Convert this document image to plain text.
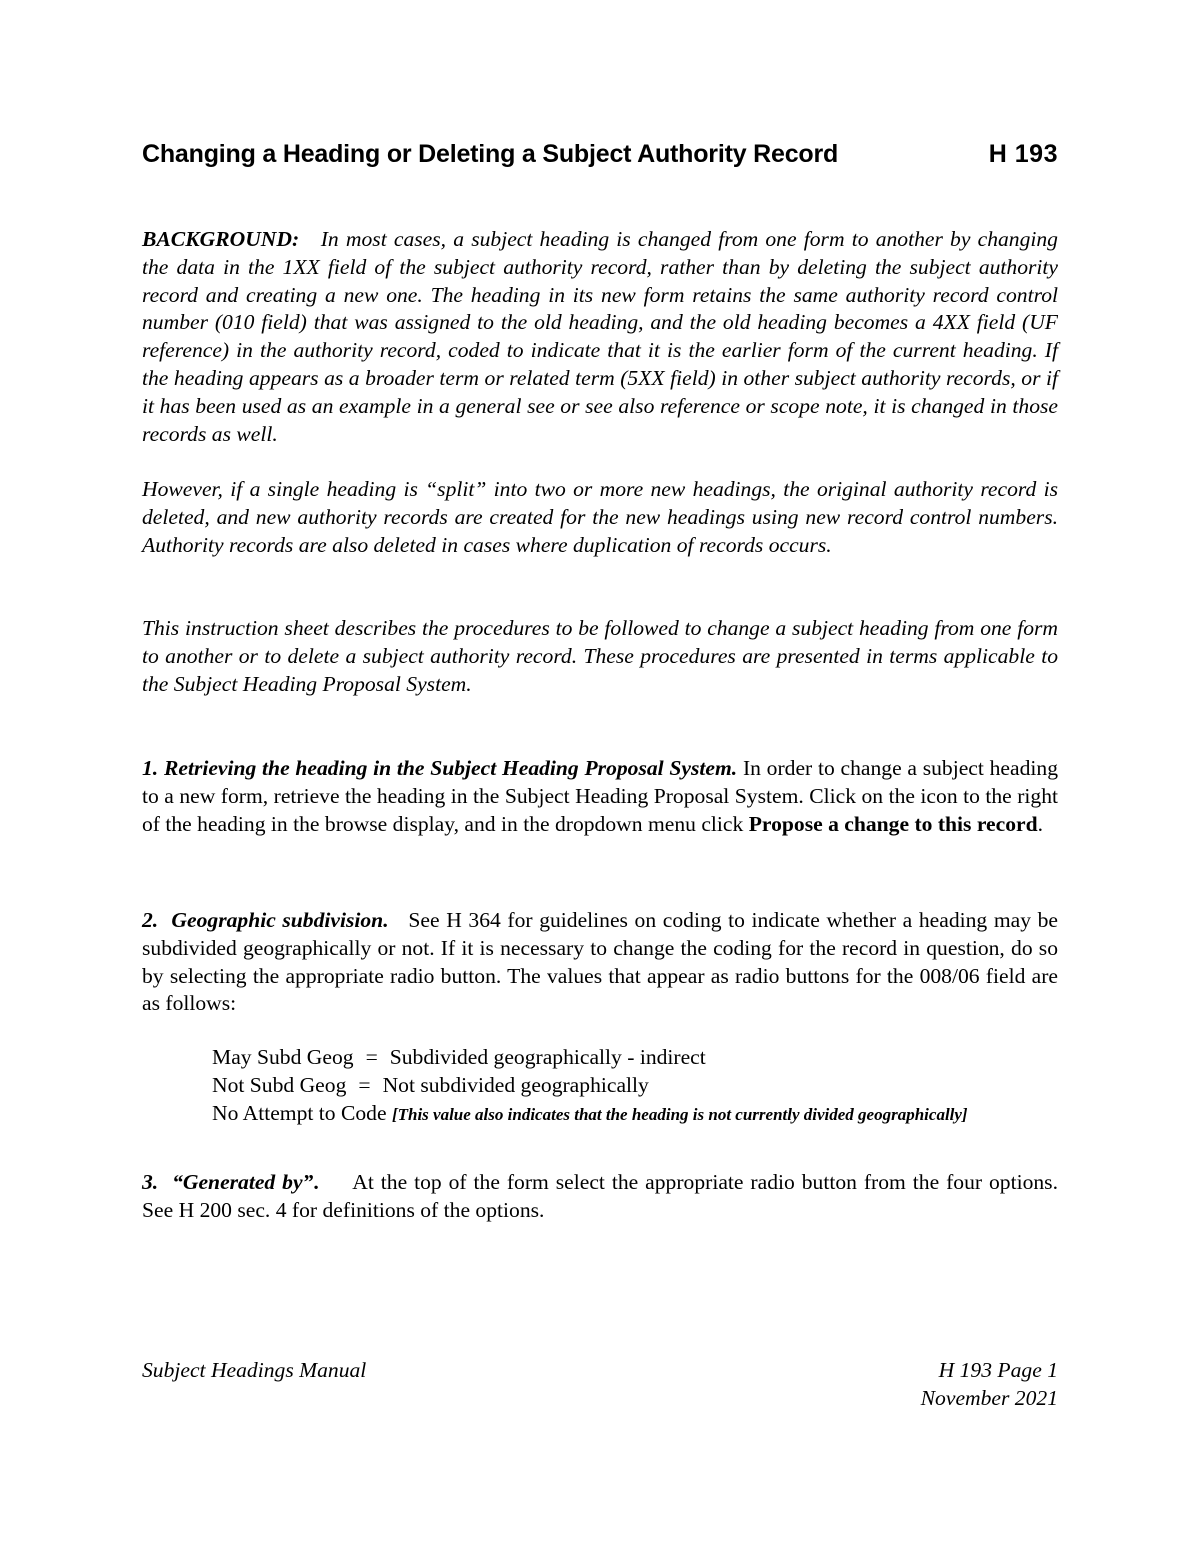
Changing a Heading or Deleting a Subject Authority Record	H 193

BACKGROUND: In most cases, a subject heading is changed from one form to another by changing the data in the 1XX field of the subject authority record, rather than by deleting the subject authority record and creating a new one. The heading in its new form retains the same authority record control number (010 field) that was assigned to the old heading, and the old heading becomes a 4XX field (UF reference) in the authority record, coded to indicate that it is the earlier form of the current heading. If the heading appears as a broader term or related term (5XX field) in other subject authority records, or if it has been used as an example in a general see or see also reference or scope note, it is changed in those records as well.

However, if a single heading is “split” into two or more new headings, the original authority record is deleted, and new authority records are created for the new headings using new record control numbers. Authority records are also deleted in cases where duplication of records occurs.

This instruction sheet describes the procedures to be followed to change a subject heading from one form to another or to delete a subject authority record. These procedures are presented in terms applicable to the Subject Heading Proposal System.

1. Retrieving the heading in the Subject Heading Proposal System. In order to change a subject heading to a new form, retrieve the heading in the Subject Heading Proposal System. Click on the icon to the right of the heading in the browse display, and in the dropdown menu click Propose a change to this record.

2. Geographic subdivision. See H 364 for guidelines on coding to indicate whether a heading may be subdivided geographically or not. If it is necessary to change the coding for the record in question, do so by selecting the appropriate radio button. The values that appear as radio buttons for the 008/06 field are as follows:

May Subd Geog = Subdivided geographically - indirect
Not Subd Geog = Not subdivided geographically
No Attempt to Code [This value also indicates that the heading is not currently divided geographically]

3. “Generated by”. At the top of the form select the appropriate radio button from the four options. See H 200 sec. 4 for definitions of the options.

Subject Headings Manual	H 193 Page 1
November 2021
